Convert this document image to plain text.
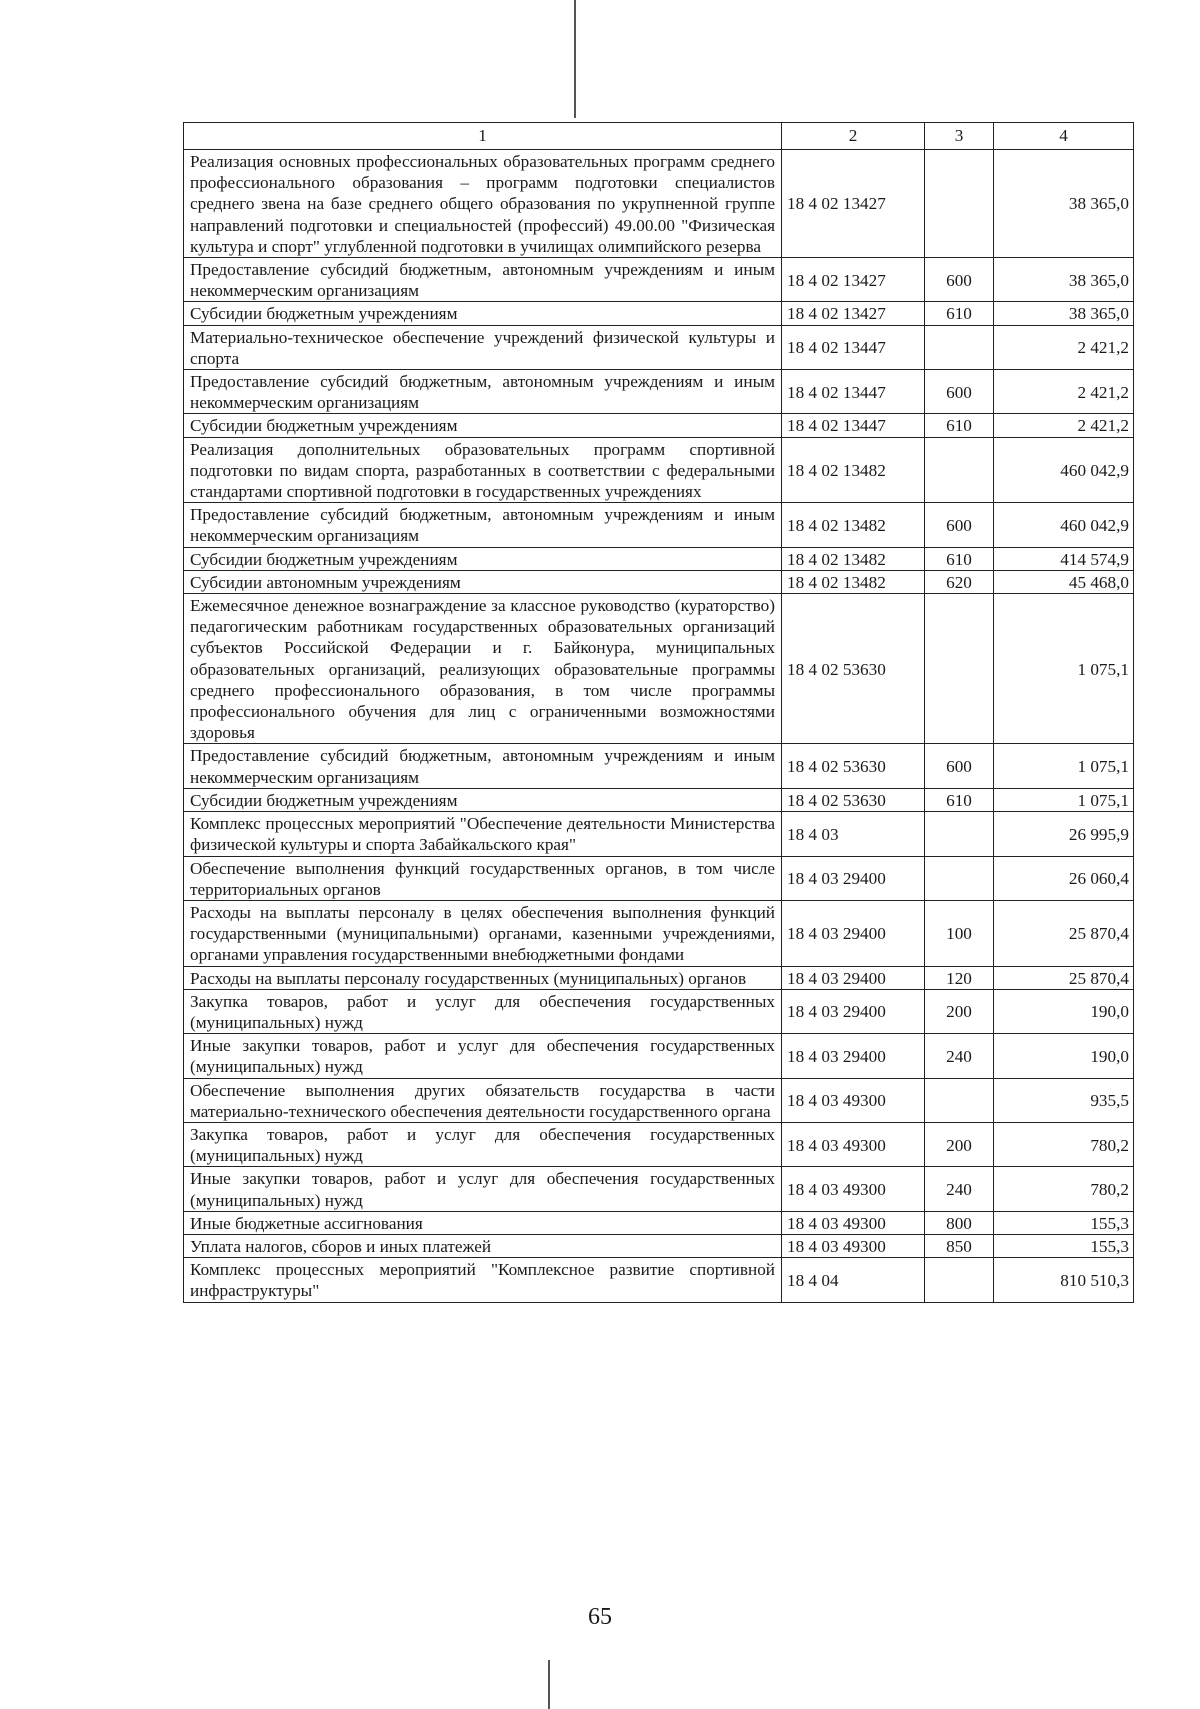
1	2	3	4
Реализация основных профессиональных образовательных программ среднего профессионального образования – программ подготовки специалистов среднего звена на базе среднего общего образования по укрупненной группе направлений подготовки и специальностей (профессий) 49.00.00 "Физическая культура и спорт" углубленной подготовки в училищах олимпийского резерва	18 4 02 13427		38 365,0
Предоставление субсидий бюджетным, автономным учреждениям и иным некоммерческим организациям	18 4 02 13427	600	38 365,0
Субсидии бюджетным учреждениям	18 4 02 13427	610	38 365,0
Материально-техническое обеспечение учреждений физической культуры и спорта	18 4 02 13447		2 421,2
Предоставление субсидий бюджетным, автономным учреждениям и иным некоммерческим организациям	18 4 02 13447	600	2 421,2
Субсидии бюджетным учреждениям	18 4 02 13447	610	2 421,2
Реализация дополнительных образовательных программ спортивной подготовки по видам спорта, разработанных в соответствии с федеральными стандартами спортивной подготовки в государственных учреждениях	18 4 02 13482		460 042,9
Предоставление субсидий бюджетным, автономным учреждениям и иным некоммерческим организациям	18 4 02 13482	600	460 042,9
Субсидии бюджетным учреждениям	18 4 02 13482	610	414 574,9
Субсидии автономным учреждениям	18 4 02 13482	620	45 468,0
Ежемесячное денежное вознаграждение за классное руководство (кураторство) педагогическим работникам государственных образовательных организаций субъектов Российской Федерации и г. Байконура, муниципальных образовательных организаций, реализующих образовательные программы среднего профессионального образования, в том числе программы профессионального обучения для лиц с ограниченными возможностями здоровья	18 4 02 53630		1 075,1
Предоставление субсидий бюджетным, автономным учреждениям и иным некоммерческим организациям	18 4 02 53630	600	1 075,1
Субсидии бюджетным учреждениям	18 4 02 53630	610	1 075,1
Комплекс процессных мероприятий "Обеспечение деятельности Министерства физической культуры и спорта Забайкальского края"	18 4 03		26 995,9
Обеспечение выполнения функций государственных органов, в том числе территориальных органов	18 4 03 29400		26 060,4
Расходы на выплаты персоналу в целях обеспечения выполнения функций государственными (муниципальными) органами, казенными учреждениями, органами управления государственными внебюджетными фондами	18 4 03 29400	100	25 870,4
Расходы на выплаты персоналу государственных (муниципальных) органов	18 4 03 29400	120	25 870,4
Закупка товаров, работ и услуг для обеспечения государственных (муниципальных) нужд	18 4 03 29400	200	190,0
Иные закупки товаров, работ и услуг для обеспечения государственных (муниципальных) нужд	18 4 03 29400	240	190,0
Обеспечение выполнения других обязательств государства в части материально-технического обеспечения деятельности государственного органа	18 4 03 49300		935,5
Закупка товаров, работ и услуг для обеспечения государственных (муниципальных) нужд	18 4 03 49300	200	780,2
Иные закупки товаров, работ и услуг для обеспечения государственных (муниципальных) нужд	18 4 03 49300	240	780,2
Иные бюджетные ассигнования	18 4 03 49300	800	155,3
Уплата налогов, сборов и иных платежей	18 4 03 49300	850	155,3
Комплекс процессных мероприятий "Комплексное развитие спортивной инфраструктуры"	18 4 04		810 510,3
65
